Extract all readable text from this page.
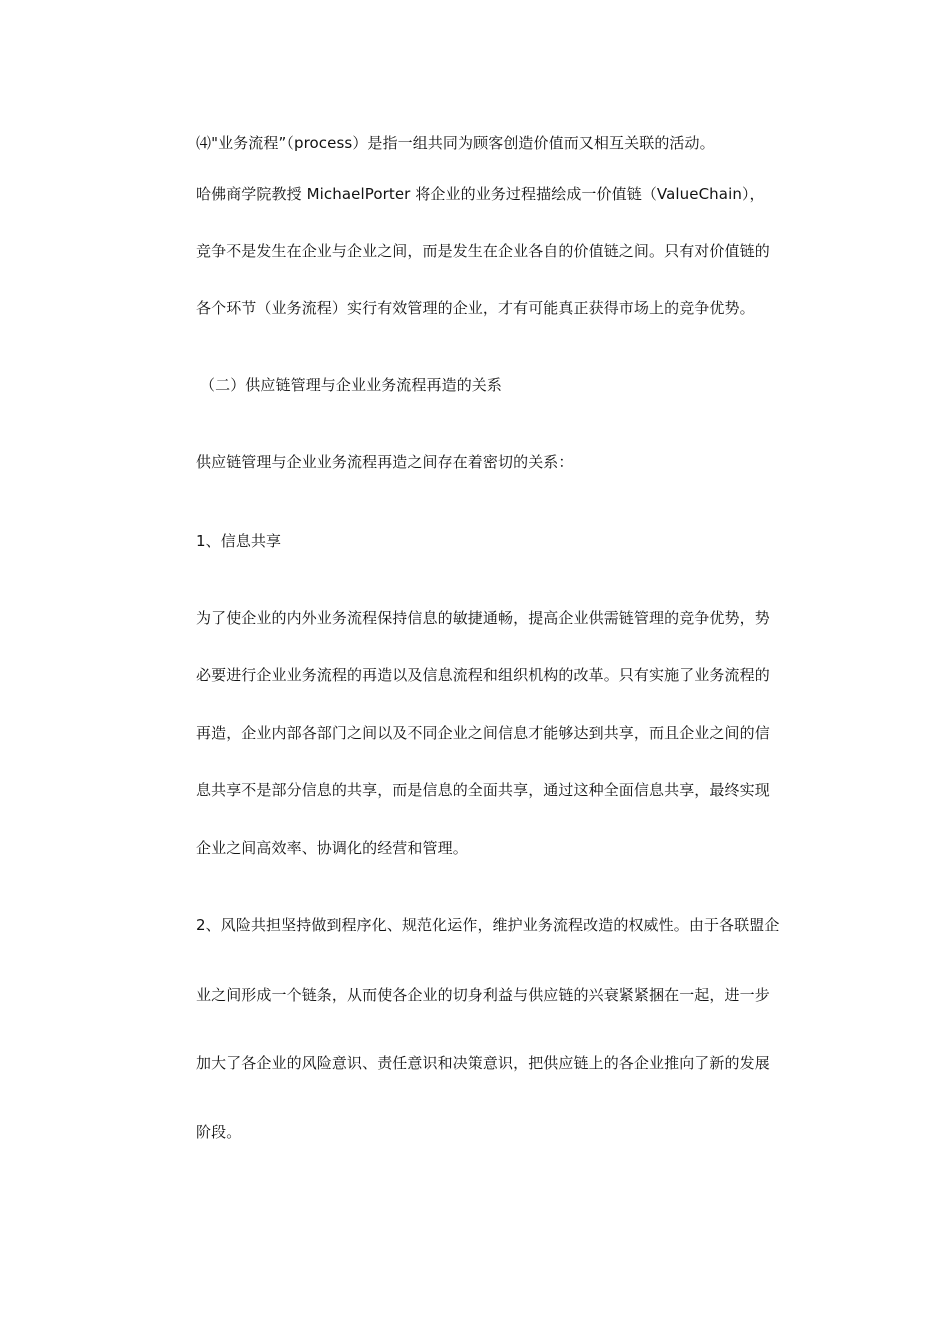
⑷"业务流程”（process）是指一组共同为顾客创造价值而又相互关联的活动。
哈佛商学院教授 MichaelPorter 将企业的业务过程描绘成一价值链（ValueChain），
竞争不是发生在企业与企业之间，而是发生在企业各自的价值链之间。只有对价值链的
各个环节（业务流程）实行有效管理的企业，才有可能真正获得市场上的竞争优势。
（二）供应链管理与企业业务流程再造的关系
供应链管理与企业业务流程再造之间存在着密切的关系：
1、信息共享
为了使企业的内外业务流程保持信息的敏捷通畅，提高企业供需链管理的竞争优势，势
必要进行企业业务流程的再造以及信息流程和组织机构的改革。只有实施了业务流程的
再造，企业内部各部门之间以及不同企业之间信息才能够达到共享，而且企业之间的信
息共享不是部分信息的共享，而是信息的全面共享，通过这种全面信息共享，最终实现
企业之间高效率、协调化的经营和管理。
2、风险共担坚持做到程序化、规范化运作，维护业务流程改造的权威性。由于各联盟企
业之间形成一个链条，从而使各企业的切身利益与供应链的兴衰紧紧捆在一起，进一步
加大了各企业的风险意识、责任意识和决策意识，把供应链上的各企业推向了新的发展
阶段。
